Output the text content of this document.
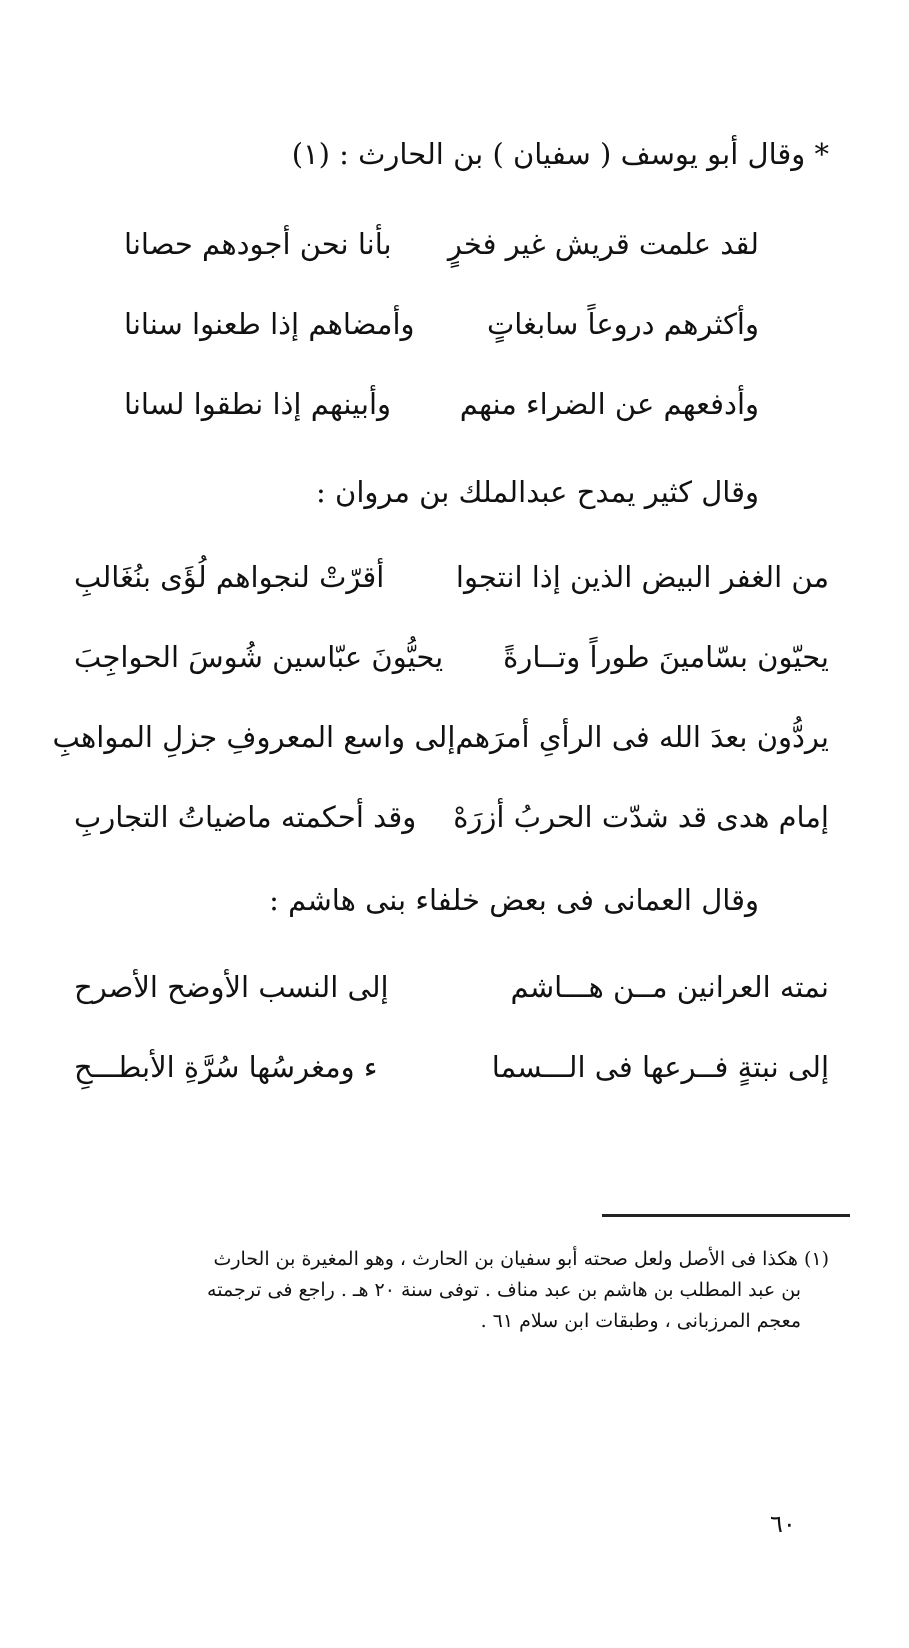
* وقال أبو يوسف ( سفيان ) بن الحارث : (١)
لقد علمت قريش غير فخرٍ
بأنا نحن أجودهم حصانا
وأكثرهم دروعاً سابغاتٍ
وأمضاهم إذا طعنوا سنانا
وأدفعهم عن الضراء منهم
وأبينهم إذا نطقوا لسانا
وقال كثير يمدح عبدالملك بن مروان :
من الغفر البيض الذين إذا انتجوا
أقرّتْ لنجواهم لُؤَى بنُغَالبِ
يحيّون بسّامينَ طوراً وتــارةً
يحيُّونَ عبّاسين شُوسَ الحواجِبَ
يردُّون بعدَ الله فى الرأىِ أمرَهم
إلى واسع المعروفِ جزلِ المواهبِ
إمام هدى قد شدّت الحربُ أزرَهْ
وقد أحكمته ماضياتُ التجاربِ
وقال العمانى فى بعض خلفاء بنى هاشم :
نمته العرانين مــن هـــاشم
إلى النسب الأوضح الأصرح
إلى نبتةٍ فــرعها فى الـــسما
ء ومغرسُها سُرَّةِ الأبطـــحِ
(١) هكذا فى الأصل ولعل صحته أبو سفيان بن الحارث ، وهو المغيرة بن الحارث
بن عبد المطلب بن هاشم بن عبد مناف . توفى سنة ٢٠ هـ . راجع فى ترجمته
معجم المرزبانى ، وطبقات ابن سلام ٦١ .
٦٠
